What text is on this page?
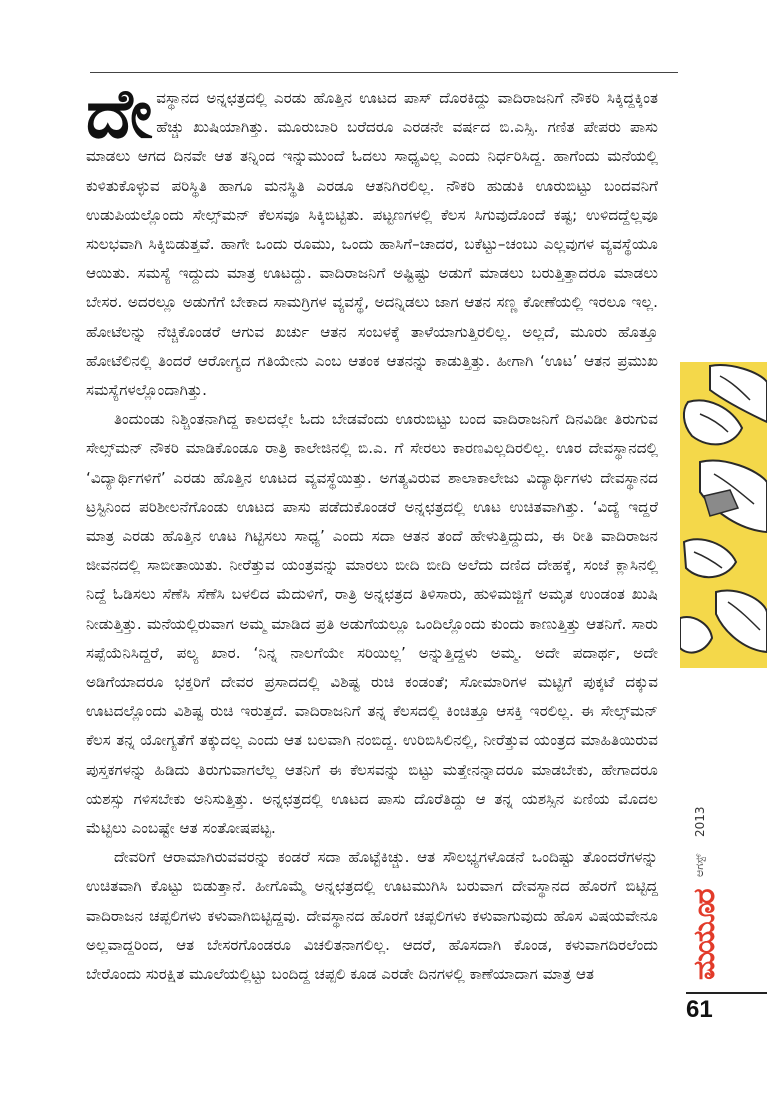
ದೇವಸ್ಥಾನದ ಅನ್ನಛತ್ರದಲ್ಲಿ ಎರಡು ಹೊತ್ತಿನ ಊಟದ ಪಾಸ್ ದೊರಕಿದ್ದು ವಾದಿರಾಜನಿಗೆ ನೌಕರಿ ಸಿಕ್ಕಿದ್ದಕ್ಕಿಂತ ಹೆಚ್ಚು ಖುಷಿಯಾಗಿತ್ತು. ಮೂರುಬಾರಿ ಬರೆದರೂ ಎರಡನೇ ವರ್ಷದ ಬಿ.ಎಸ್ಸಿ. ಗಣಿತ ಪೇಪರು ಪಾಸು ಮಾಡಲು ಆಗದ ದಿನವೇ ಆತ ತನ್ನಿಂದ ಇನ್ನುಮುಂದೆ ಓದಲು ಸಾಧ್ಯವಿಲ್ಲ ಎಂದು ನಿರ್ಧರಿಸಿದ್ದ. ಹಾಗೆಂದು ಮನೆಯಲ್ಲಿ ಕುಳಿತುಕೊಳ್ಳುವ ಪರಿಸ್ಥಿತಿ ಹಾಗೂ ಮನಸ್ಥಿತಿ ಎರಡೂ ಆತನಿಗಿರಲಿಲ್ಲ. ನೌಕರಿ ಹುಡುಕಿ ಊರುಬಿಟ್ಟು ಬಂದವನಿಗೆ ಉಡುಪಿಯಲ್ಲೊಂದು ಸೇಲ್ಸ್‌ಮನ್ ಕೆಲಸವೂ ಸಿಕ್ಕಿಬಿಟ್ಟಿತು. ಪಟ್ಟಣಗಳಲ್ಲಿ ಕೆಲಸ ಸಿಗುವುದೊಂದೆ ಕಷ್ಟ; ಉಳಿದದ್ದೆಲ್ಲವೂ ಸುಲಭವಾಗಿ ಸಿಕ್ಕಿಬಿಡುತ್ತವೆ. ಹಾಗೇ ಒಂದು ರೂಮು, ಒಂದು ಹಾಸಿಗೆ–ಚಾದರ, ಬಕೆಟ್ಟು–ಚಂಬು ಎಲ್ಲವುಗಳ ವ್ಯವಸ್ಥೆಯೂ ಆಯಿತು. ಸಮಸ್ಯೆ ಇದ್ದುದು ಮಾತ್ರ ಊಟದ್ದು. ವಾದಿರಾಜನಿಗೆ ಅಷ್ಟಿಷ್ಟು ಅಡುಗೆ ಮಾಡಲು ಬರುತ್ತಿತ್ತಾದರೂ ಮಾಡಲು ಬೇಸರ. ಅದರಲ್ಲೂ ಅಡುಗೆಗೆ ಬೇಕಾದ ಸಾಮಗ್ರಿಗಳ ವ್ಯವಸ್ಥೆ, ಅದನ್ನಿಡಲು ಜಾಗ ಆತನ ಸಣ್ಣ ಕೋಣೆಯಲ್ಲಿ ಇರಲೂ ಇಲ್ಲ. ಹೋಟೆಲನ್ನು ನೆಚ್ಚಿಕೊಂಡರೆ ಆಗುವ ಖರ್ಚು ಆತನ ಸಂಬಳಕ್ಕೆ ತಾಳೆಯಾಗುತ್ತಿರಲಿಲ್ಲ. ಅಲ್ಲದೆ, ಮೂರು ಹೊತ್ತೂ ಹೋಟೆಲಿನಲ್ಲಿ ತಿಂದರೆ ಆರೋಗ್ಯದ ಗತಿಯೇನು ಎಂಬ ಆತಂಕ ಆತನನ್ನು ಕಾಡುತ್ತಿತ್ತು. ಹೀಗಾಗಿ ‘ಊಟ’ ಆತನ ಪ್ರಮುಖ ಸಮಸ್ಯೆಗಳಲ್ಲೊಂದಾಗಿತ್ತು.

ತಿಂದುಂಡು ನಿಶ್ಚಿಂತನಾಗಿದ್ದ ಕಾಲದಲ್ಲೇ ಓದು ಬೇಡವೆಂದು ಊರುಬಿಟ್ಟು ಬಂದ ವಾದಿರಾಜನಿಗೆ ದಿನವಿಡೀ ತಿರುಗುವ ಸೇಲ್ಸ್‌ಮನ್ ನೌಕರಿ ಮಾಡಿಕೊಂಡೂ ರಾತ್ರಿ ಕಾಲೇಜಿನಲ್ಲಿ ಬಿ.ಎ. ಗೆ ಸೇರಲು ಕಾರಣವಿಲ್ಲದಿರಲಿಲ್ಲ. ಊರ ದೇವಸ್ಥಾನದಲ್ಲಿ ‘ವಿದ್ಯಾರ್ಥಿಗಳಿಗೆ’ ಎರಡು ಹೊತ್ತಿನ ಊಟದ ವ್ಯವಸ್ಥೆಯಿತ್ತು. ಅಗತ್ಯವಿರುವ ಶಾಲಾಕಾಲೇಜು ವಿದ್ಯಾರ್ಥಿಗಳು ದೇವಸ್ಥಾನದ ಟ್ರಸ್ಟಿನಿಂದ ಪರಿಶೀಲನೆಗೊಂಡು ಊಟದ ಪಾಸು ಪಡೆದುಕೊಂಡರೆ ಅನ್ನಛತ್ರದಲ್ಲಿ ಊಟ ಉಚಿತವಾಗಿತ್ತು. ‘ವಿದ್ಯೆ ಇದ್ದರೆ ಮಾತ್ರ ಎರಡು ಹೊತ್ತಿನ ಊಟ ಗಿಟ್ಟಿಸಲು ಸಾಧ್ಯ’ ಎಂದು ಸದಾ ಆತನ ತಂದೆ ಹೇಳುತ್ತಿದ್ದುದು, ಈ ರೀತಿ ವಾದಿರಾಜನ ಜೀವನದಲ್ಲಿ ಸಾಬೀತಾಯಿತು. ನೀರೆತ್ತುವ ಯಂತ್ರವನ್ನು ಮಾರಲು ಬೀದಿ ಬೀದಿ ಅಲೆದು ದಣಿದ ದೇಹಕ್ಕೆ, ಸಂಜೆ ಕ್ಲಾಸಿನಲ್ಲಿ ನಿದ್ದೆ ಓಡಿಸಲು ಸೆಣೆಸಿ ಸೆಣೆಸಿ ಬಳಲಿದ ಮೆದುಳಿಗೆ, ರಾತ್ರಿ ಅನ್ನಛತ್ರದ ತಿಳಿಸಾರು, ಹುಳಿಮಜ್ಜಿಗೆ ಅಮೃತ ಉಂಡಂತ ಖುಷಿ ನೀಡುತ್ತಿತ್ತು. ಮನೆಯಲ್ಲಿರುವಾಗ ಅಮ್ಮ ಮಾಡಿದ ಪ್ರತಿ ಅಡುಗೆಯಲ್ಲೂ ಒಂದಿಲ್ಲೊಂದು ಕುಂದು ಕಾಣುತ್ತಿತ್ತು ಆತನಿಗೆ. ಸಾರು ಸಪ್ಪೆಯೆನಿಸಿದ್ದರೆ, ಪಲ್ಯ ಖಾರ. ‘ನಿನ್ನ ನಾಲಗೆಯೇ ಸರಿಯಿಲ್ಲ’ ಅನ್ನುತ್ತಿದ್ದಳು ಅಮ್ಮ. ಅದೇ ಪದಾರ್ಥ, ಅದೇ ಅಡಿಗೆಯಾದರೂ ಭಕ್ತರಿಗೆ ದೇವರ ಪ್ರಸಾದದಲ್ಲಿ ವಿಶಿಷ್ಟ ರುಚಿ ಕಂಡಂತೆ; ಸೋಮಾರಿಗಳ ಮಟ್ಟಿಗೆ ಪುಕ್ಕಟೆ ದಕ್ಕುವ ಊಟದಲ್ಲೊಂದು ವಿಶಿಷ್ಟ ರುಚಿ ಇರುತ್ತದೆ. ವಾದಿರಾಜನಿಗೆ ತನ್ನ ಕೆಲಸದಲ್ಲಿ ಕಿಂಚಿತ್ತೂ ಆಸಕ್ತಿ ಇರಲಿಲ್ಲ. ಈ ಸೇಲ್ಸ್‌ಮನ್ ಕೆಲಸ ತನ್ನ ಯೋಗ್ಯತೆಗೆ ತಕ್ಕುದಲ್ಲ ಎಂದು ಆತ ಬಲವಾಗಿ ನಂಬಿದ್ದ. ಉರಿಬಿಸಿಲಿನಲ್ಲಿ, ನೀರೆತ್ತುವ ಯಂತ್ರದ ಮಾಹಿತಿಯಿರುವ ಪುಸ್ತಕಗಳನ್ನು ಹಿಡಿದು ತಿರುಗುವಾಗಲೆಲ್ಲ ಆತನಿಗೆ ಈ ಕೆಲಸವನ್ನು ಬಿಟ್ಟು ಮತ್ತೇನನ್ನಾದರೂ ಮಾಡಬೇಕು, ಹೇಗಾದರೂ ಯಶಸ್ಸು ಗಳಿಸಬೇಕು ಅನಿಸುತ್ತಿತ್ತು. ಅನ್ನಛತ್ರದಲ್ಲಿ ಊಟದ ಪಾಸು ದೊರೆತಿದ್ದು ಆ ತನ್ನ ಯಶಸ್ಸಿನ ಏಣಿಯ ಮೊದಲ ಮೆಟ್ಟಿಲು ಎಂಬಷ್ಟೇ ಆತ ಸಂತೋಷಪಟ್ಟ.

ದೇವರಿಗೆ ಆರಾಮಾಗಿರುವವರನ್ನು ಕಂಡರೆ ಸದಾ ಹೊಟ್ಟೆಕಿಚ್ಚು. ಆತ ಸೌಲಭ್ಯಗಳೊಡನೆ ಒಂದಿಷ್ಟು ತೊಂದರೆಗಳನ್ನು ಉಚಿತವಾಗಿ ಕೊಟ್ಟು ಬಿಡುತ್ತಾನೆ. ಹೀಗೊಮ್ಮೆ ಅನ್ನಛತ್ರದಲ್ಲಿ ಊಟಮುಗಿಸಿ ಬರುವಾಗ ದೇವಸ್ಥಾನದ ಹೊರಗೆ ಬಿಟ್ಟಿದ್ದ ವಾದಿರಾಜನ ಚಪ್ಪಲಿಗಳು ಕಳುವಾಗಿಬಿಟ್ಟಿದ್ದವು. ದೇವಸ್ಥಾನದ ಹೊರಗೆ ಚಪ್ಪಲಿಗಳು ಕಳುವಾಗುವುದು ಹೊಸ ವಿಷಯವೇನೂ ಅಲ್ಲವಾದ್ದರಿಂದ, ಆತ ಬೇಸರಗೊಂಡರೂ ವಿಚಲಿತನಾಗಲಿಲ್ಲ. ಆದರೆ, ಹೊಸದಾಗಿ ಕೊಂಡ, ಕಳುವಾಗದಿರಲೆಂದು ಬೇರೊಂದು ಸುರಕ್ಷಿತ ಮೂಲೆಯಲ್ಲಿಟ್ಟು ಬಂದಿದ್ದ ಚಪ್ಪಲಿ ಕೂಡ ಎರಡೇ ದಿನಗಳಲ್ಲಿ ಕಾಣೆಯಾದಾಗ ಮಾತ್ರ ಆತ

2013
ಆಗಸ್ಟ್
ಮಯೂರ
61
